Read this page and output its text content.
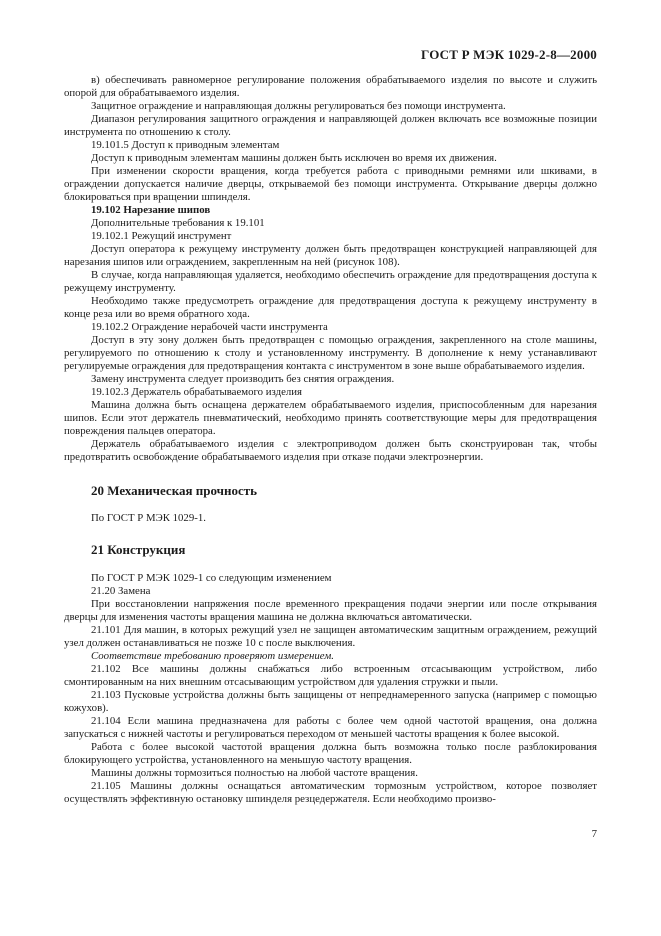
ГОСТ Р МЭК 1029-2-8—2000

в) обеспечивать равномерное регулирование положения обрабатываемого изделия по высоте и служить опорой для обрабатываемого изделия.

Защитное ограждение и направляющая должны регулироваться без помощи инструмента.

Диапазон регулирования защитного ограждения и направляющей должен включать все возможные позиции инструмента по отношению к столу.

19.101.5 Доступ к приводным элементам

Доступ к приводным элементам машины должен быть исключен во время их движения.

При изменении скорости вращения, когда требуется работа с приводными ремнями или шкивами, в ограждении допускается наличие дверцы, открываемой без помощи инструмента. Открывание дверцы должно блокироваться при вращении шпинделя.

19.102 Нарезание шипов

Дополнительные требования к 19.101

19.102.1 Режущий инструмент

Доступ оператора к режущему инструменту должен быть предотвращен конструкцией направляющей для нарезания шипов или ограждением, закрепленным на ней (рисунок 108).

В случае, когда направляющая удаляется, необходимо обеспечить ограждение для предотвращения доступа к режущему инструменту.

Необходимо также предусмотреть ограждение для предотвращения доступа к режущему инструменту в конце реза или во время обратного хода.

19.102.2 Ограждение нерабочей части инструмента

Доступ в эту зону должен быть предотвращен с помощью ограждения, закрепленного на столе машины, регулируемого по отношению к столу и установленному инструменту. В дополнение к нему устанавливают регулируемые ограждения для предотвращения контакта с инструментом в зоне выше обрабатываемого изделия.

Замену инструмента следует производить без снятия ограждения.

19.102.3 Держатель обрабатываемого изделия

Машина должна быть оснащена держателем обрабатываемого изделия, приспособленным для нарезания шипов. Если этот держатель пневматический, необходимо принять соответствующие меры для предотвращения повреждения пальцев оператора.

Держатель обрабатываемого изделия с электроприводом должен быть сконструирован так, чтобы предотвратить освобождение обрабатываемого изделия при отказе подачи электроэнергии.

20 Механическая прочность

По ГОСТ Р МЭК 1029-1.

21 Конструкция

По ГОСТ Р МЭК 1029-1 со следующим изменением

21.20 Замена

При восстановлении напряжения после временного прекращения подачи энергии или после открывания дверцы для изменения частоты вращения машина не должна включаться автоматически.

21.101 Для машин, в которых режущий узел не защищен автоматическим защитным ограждением, режущий узел должен останавливаться не позже 10 с после выключения.

Соответствие требованию проверяют измерением.

21.102 Все машины должны снабжаться либо встроенным отсасывающим устройством, либо смонтированным на них внешним отсасывающим устройством для удаления стружки и пыли.

21.103 Пусковые устройства должны быть защищены от непреднамеренного запуска (например с помощью кожухов).

21.104 Если машина предназначена для работы с более чем одной частотой вращения, она должна запускаться с нижней частоты и регулироваться переходом от меньшей частоты вращения к более высокой.

Работа с более высокой частотой вращения должна быть возможна только после разблокирования блокирующего устройства, установленного на меньшую частоту вращения.

Машины должны тормозиться полностью на любой частоте вращения.

21.105 Машины должны оснащаться автоматическим тормозным устройством, которое позволяет осуществлять эффективную остановку шпинделя резцедержателя. Если необходимо произво-

7
